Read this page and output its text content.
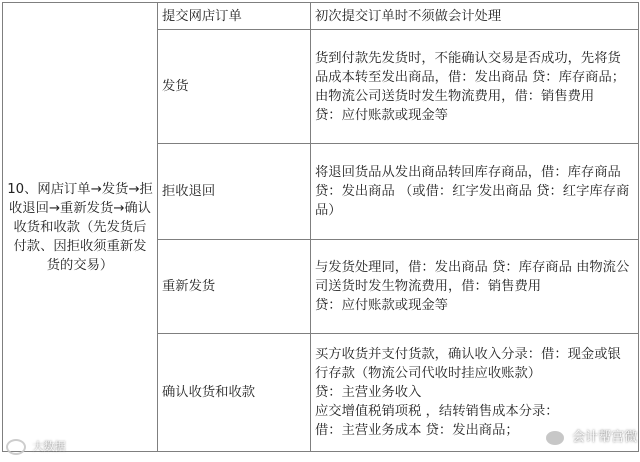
10、网店订单→发货→拒收退回→重新发货→确认收货和收款（先发货后付款、因拒收须重新发货的交易）	提交网店订单	初次提交订单时不须做会计处理

	发货	货到付款先发货时，不能确认交易是否成功，先将货品成本转至发出商品，借：发出商品 贷：库存商品；由物流公司送货时发生物流费用，借：销售费用
贷：应付账款或现金等

	拒收退回	将退回货品从发出商品转回库存商品，借：库存商品
贷：发出商品 （或借：红字发出商品 贷：红字库存商品）

	重新发货	与发货处理同，借：发出商品 贷：库存商品 由物流公司送货时发生物流费用，借：销售费用
贷：应付账款或现金等

	确认收货和收款	买方收货并支付货款，确认收入分录：借：现金或银行存款（物流公司代收时挂应收账款）
贷：主营业务收入
应交增值税销项税 ，结转销售成本分录：
借：主营业务成本 贷：发出商品；
大数据
会计帮宫微
